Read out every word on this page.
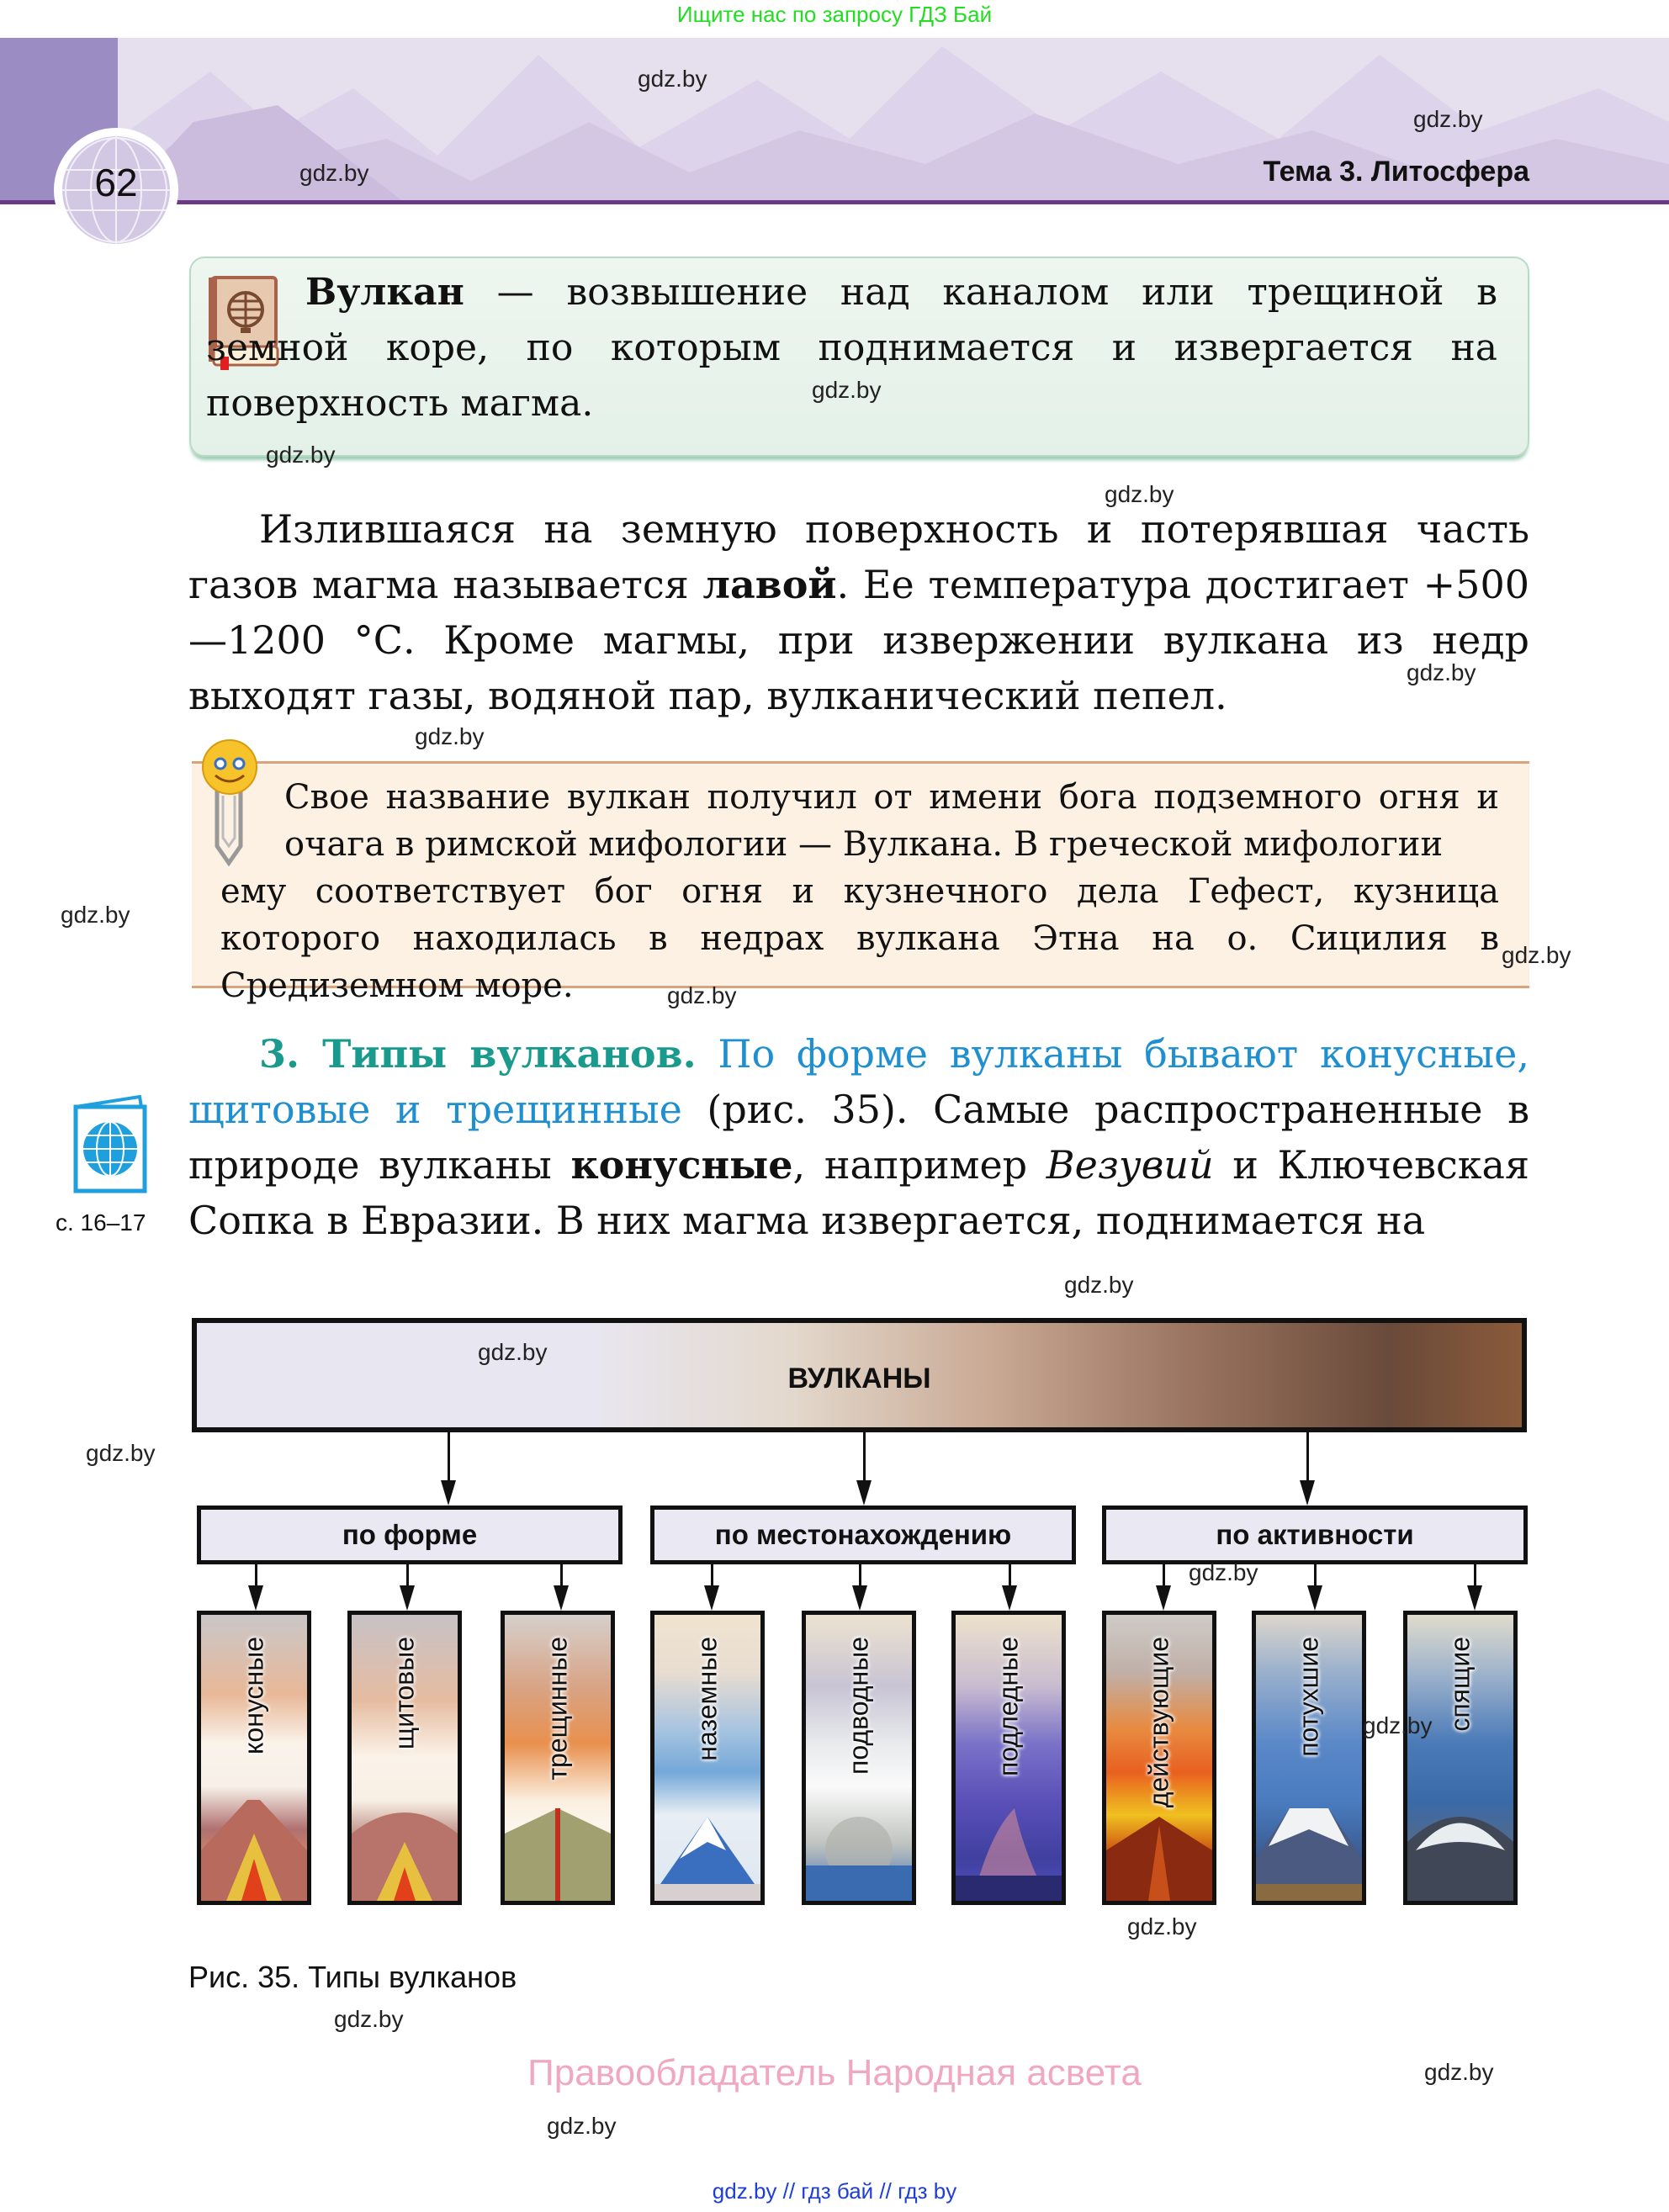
Ищите нас по запросу ГДЗ Бай
62	Тема 3. Литосфера
gdz.by
gdz.by
gdz.by
Вулкан — возвышение над каналом или трещиной в земной коре, по которым поднимается и извергается на поверхность магма.	gdz.by
gdz.by
gdz.by
Излившаяся на земную поверхность и потерявшая часть газов магма называется лавой. Ее температура достигает +500—1200 °С. Кроме магмы, при извержении вулкана из недр выходят газы, водяной пар, вулканический пепел.
gdz.by
gdz.by
Свое название вулкан получил от имени бога подземного огня и очага в римской мифологии — Вулкана. В греческой мифологии
ему соответствует бог огня и кузнечного дела Гефест, кузница которого находилась в недрах вулкана Этна на о. Сицилия в Средиземном море.
gdz.by
gdz.by
gdz.by
с. 16–17
3. Типы вулканов. По форме вулканы бывают конусные, щитовые и трещинные (рис. 35). Самые распространенные в природе вулканы конусные, например Везувий и Ключевская Сопка в Евразии. В них магма извергается, поднимается на
gdz.by
ВУЛКАНЫ
gdz.by
gdz.by
по форме	по местонахождению	по активности
gdz.by
конусные	щитовые	трещинные	наземные	подводные	подледные	действующие	потухшие	спящие
gdz.by
gdz.by
Рис. 35. Типы вулканов
gdz.by
Правообладатель Народная асвета	gdz.by
gdz.by
gdz.by // гдз бай // гдз by
